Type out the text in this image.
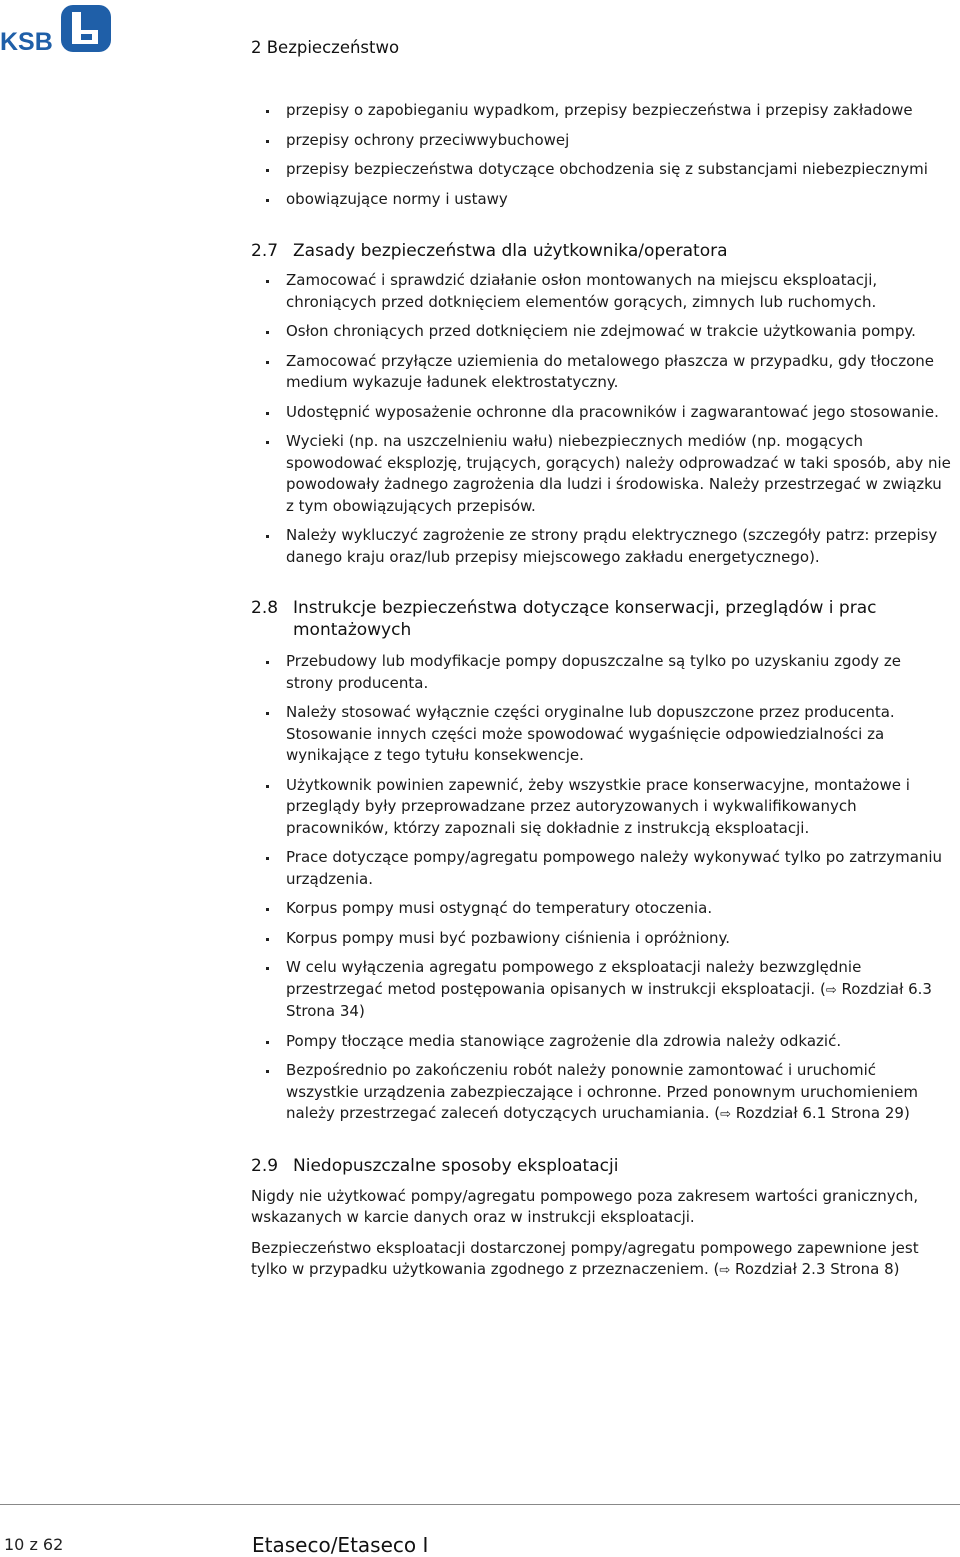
KSB	2 Bezpieczeństwo
przepisy o zapobieganiu wypadkom, przepisy bezpieczeństwa i przepisy zakładowe
przepisy ochrony przeciwwybuchowej
przepisy bezpieczeństwa dotyczące obchodzenia się z substancjami niebezpiecznymi
obowiązujące normy i ustawy
2.7 Zasady bezpieczeństwa dla użytkownika/operatora
Zamocować i sprawdzić działanie osłon montowanych na miejscu eksploatacji, chroniących przed dotknięciem elementów gorących, zimnych lub ruchomych.
Osłon chroniących przed dotknięciem nie zdejmować w trakcie użytkowania pompy.
Zamocować przyłącze uziemienia do metalowego płaszcza w przypadku, gdy tłoczone medium wykazuje ładunek elektrostatyczny.
Udostępnić wyposażenie ochronne dla pracowników i zagwarantować jego stosowanie.
Wycieki (np. na uszczelnieniu wału) niebezpiecznych mediów (np. mogących spowodować eksplozję, trujących, gorących) należy odprowadzać w taki sposób, aby nie powodowały żadnego zagrożenia dla ludzi i środowiska. Należy przestrzegać w związku z tym obowiązujących przepisów.
Należy wykluczyć zagrożenie ze strony prądu elektrycznego (szczegóły patrz: przepisy danego kraju oraz/lub przepisy miejscowego zakładu energetycznego).
2.8 Instrukcje bezpieczeństwa dotyczące konserwacji, przeglądów i prac montażowych
Przebudowy lub modyfikacje pompy dopuszczalne są tylko po uzyskaniu zgody ze strony producenta.
Należy stosować wyłącznie części oryginalne lub dopuszczone przez producenta. Stosowanie innych części może spowodować wygaśnięcie odpowiedzialności za wynikające z tego tytułu konsekwencje.
Użytkownik powinien zapewnić, żeby wszystkie prace konserwacyjne, montażowe i przeglądy były przeprowadzane przez autoryzowanych i wykwalifikowanych pracowników, którzy zapoznali się dokładnie z instrukcją eksploatacji.
Prace dotyczące pompy/agregatu pompowego należy wykonywać tylko po zatrzymaniu urządzenia.
Korpus pompy musi ostygnąć do temperatury otoczenia.
Korpus pompy musi być pozbawiony ciśnienia i opróżniony.
W celu wyłączenia agregatu pompowego z eksploatacji należy bezwzględnie przestrzegać metod postępowania opisanych w instrukcji eksploatacji. (⇨ Rozdział 6.3 Strona 34)
Pompy tłoczące media stanowiące zagrożenie dla zdrowia należy odkazić.
Bezpośrednio po zakończeniu robót należy ponownie zamontować i uruchomić wszystkie urządzenia zabezpieczające i ochronne. Przed ponownym uruchomieniem należy przestrzegać zaleceń dotyczących uruchamiania. (⇨ Rozdział 6.1 Strona 29)
2.9 Niedopuszczalne sposoby eksploatacji

Nigdy nie użytkować pompy/agregatu pompowego poza zakresem wartości granicznych, wskazanych w karcie danych oraz w instrukcji eksploatacji.

Bezpieczeństwo eksploatacji dostarczonej pompy/agregatu pompowego zapewnione jest tylko w przypadku użytkowania zgodnego z przeznaczeniem. (⇨ Rozdział 2.3 Strona 8)

10 z 62	Etaseco/Etaseco I
